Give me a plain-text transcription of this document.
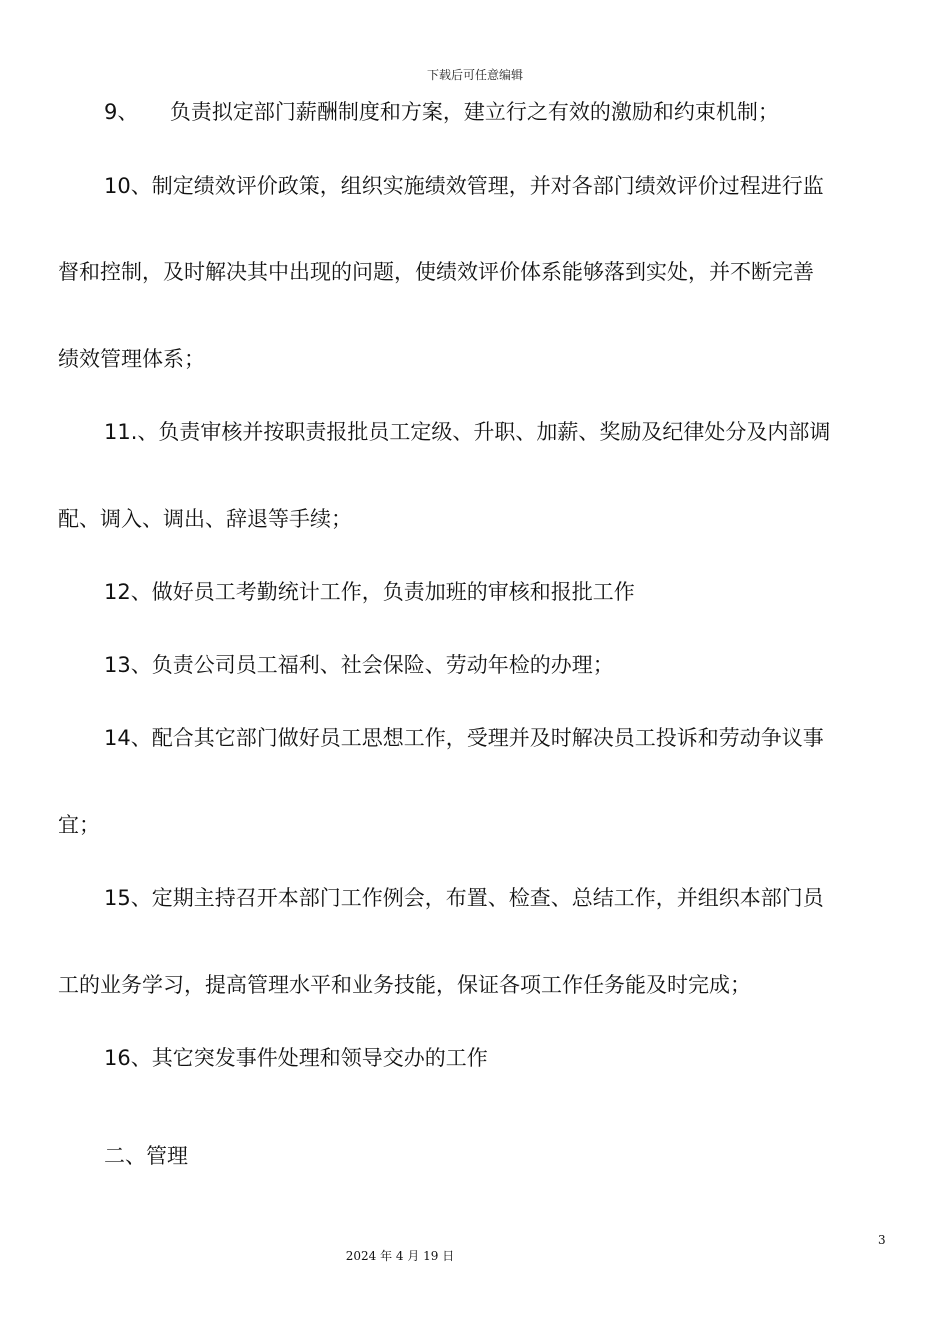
下载后可任意编辑
9、　　负责拟定部门薪酬制度和方案，建立行之有效的激励和约束机制；
10、制定绩效评价政策，组织实施绩效管理，并对各部门绩效评价过程进行监
督和控制，及时解决其中出现的问题，使绩效评价体系能够落到实处，并不断完善
绩效管理体系；
11.、负责审核并按职责报批员工定级、升职、加薪、奖励及纪律处分及内部调
配、调入、调出、辞退等手续；
12、做好员工考勤统计工作，负责加班的审核和报批工作
13、负责公司员工福利、社会保险、劳动年检的办理；
14、配合其它部门做好员工思想工作，受理并及时解决员工投诉和劳动争议事
宜；
15、定期主持召开本部门工作例会，布置、检查、总结工作，并组织本部门员
工的业务学习，提高管理水平和业务技能，保证各项工作任务能及时完成；
16、其它突发事件处理和领导交办的工作
二、管理
3
2024 年 4 月 19 日
